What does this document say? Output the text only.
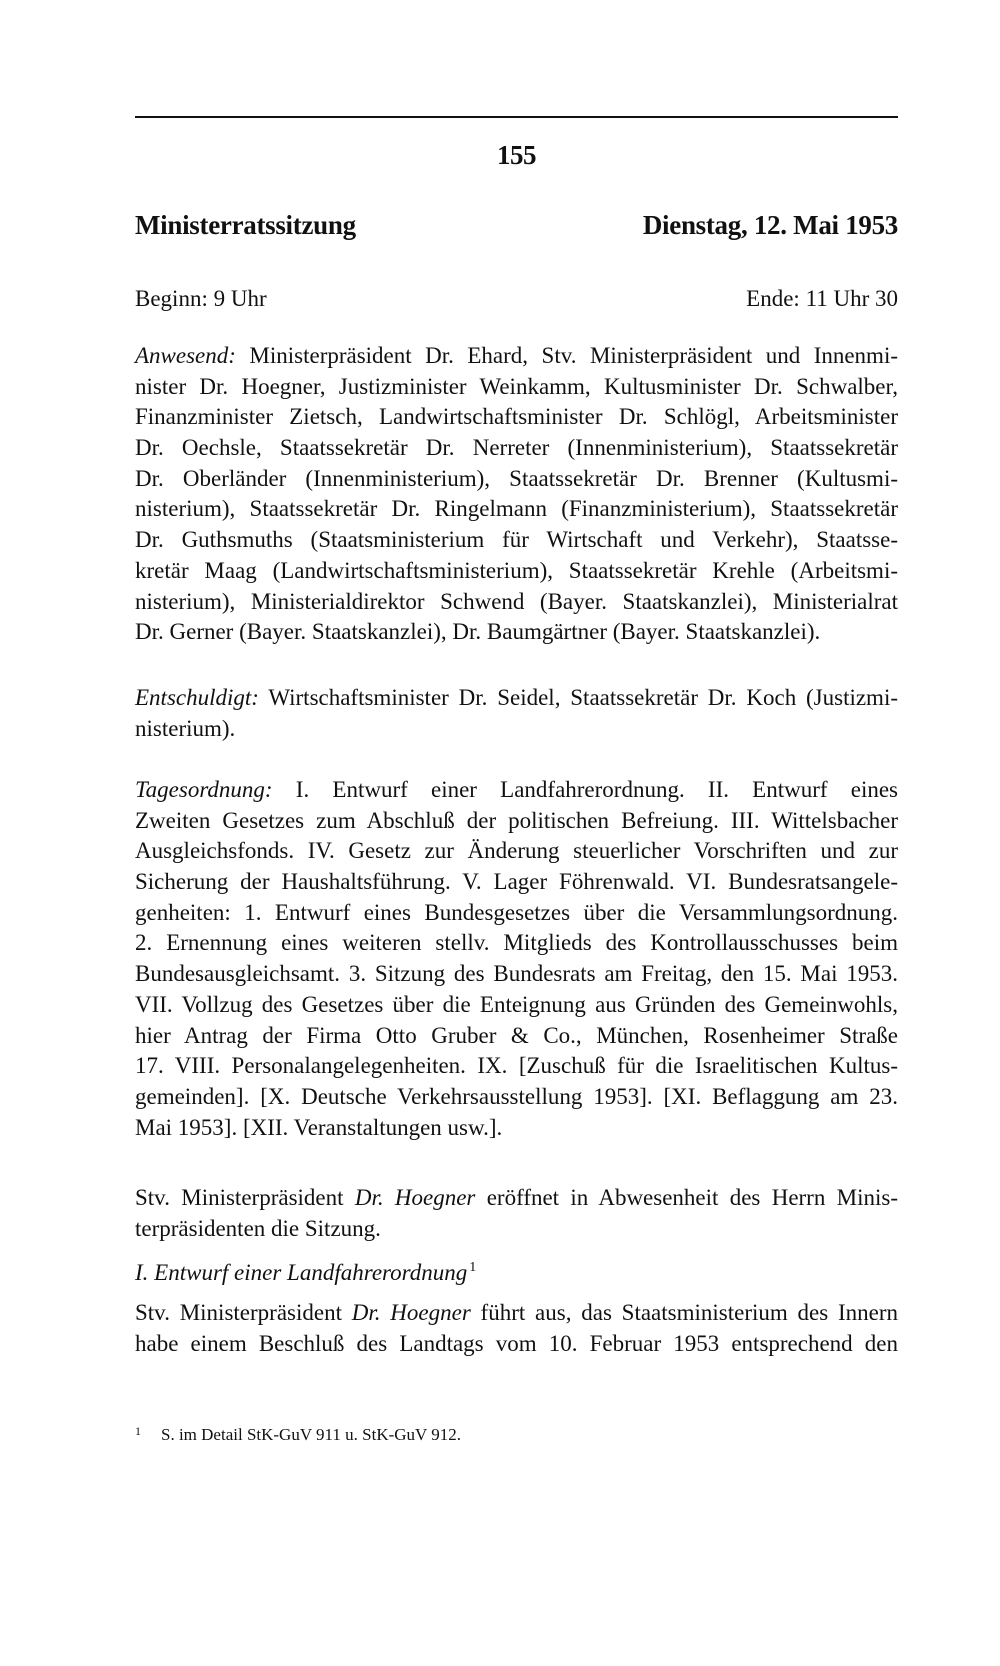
155
Ministerratssitzung	Dienstag, 12. Mai 1953
Beginn: 9 Uhr	Ende: 11 Uhr 30
Anwesend: Ministerpräsident Dr. Ehard, Stv. Ministerpräsident und Innenmi-
nister Dr. Hoegner, Justizminister Weinkamm, Kultusminister Dr. Schwalber,
Finanzminister Zietsch, Landwirtschaftsminister Dr. Schlögl, Arbeitsminister
Dr. Oechsle, Staatssekretär Dr. Nerreter (Innenministerium), Staatssekretär
Dr. Oberländer (Innenministerium), Staatssekretär Dr. Brenner (Kultusmi-
nisterium), Staatssekretär Dr. Ringelmann (Finanzministerium), Staatssekretär
Dr. Guthsmuths (Staatsministerium für Wirtschaft und Verkehr), Staatsse-
kretär Maag (Landwirtschaftsministerium), Staatssekretär Krehle (Arbeitsmi-
nisterium), Ministerialdirektor Schwend (Bayer. Staatskanzlei), Ministerialrat
Dr. Gerner (Bayer. Staatskanzlei), Dr. Baumgärtner (Bayer. Staatskanzlei).
Entschuldigt: Wirtschaftsminister Dr. Seidel, Staatssekretär Dr. Koch (Justizmi-
nisterium).
Tagesordnung: I. Entwurf einer Landfahrerordnung. II. Entwurf eines
Zweiten Gesetzes zum Abschluß der politischen Befreiung. III. Wittelsbacher
Ausgleichsfonds. IV. Gesetz zur Änderung steuerlicher Vorschriften und zur
Sicherung der Haushaltsführung. V. Lager Föhrenwald. VI. Bundesratsangele-
genheiten: 1. Entwurf eines Bundesgesetzes über die Versammlungsordnung.
2. Ernennung eines weiteren stellv. Mitglieds des Kontrollausschusses beim
Bundesausgleichsamt. 3. Sitzung des Bundesrats am Freitag, den 15. Mai 1953.
VII. Vollzug des Gesetzes über die Enteignung aus Gründen des Gemeinwohls,
hier Antrag der Firma Otto Gruber & Co., München, Rosenheimer Straße
17. VIII. Personalangelegenheiten. IX. [Zuschuß für die Israelitischen Kultus-
gemeinden]. [X. Deutsche Verkehrsausstellung 1953]. [XI. Beflaggung am 23.
Mai 1953]. [XII. Veranstaltungen usw.].
Stv. Ministerpräsident Dr. Hoegner eröffnet in Abwesenheit des Herrn Minis-
terpräsidenten die Sitzung.
I. Entwurf einer Landfahrerordnung $^1$
Stv. Ministerpräsident Dr. Hoegner führt aus, das Staatsministerium des Innern
habe einem Beschluß des Landtags vom 10. Februar 1953 entsprechend den
1 S. im Detail StK-GuV 911 u. StK-GuV 912.
